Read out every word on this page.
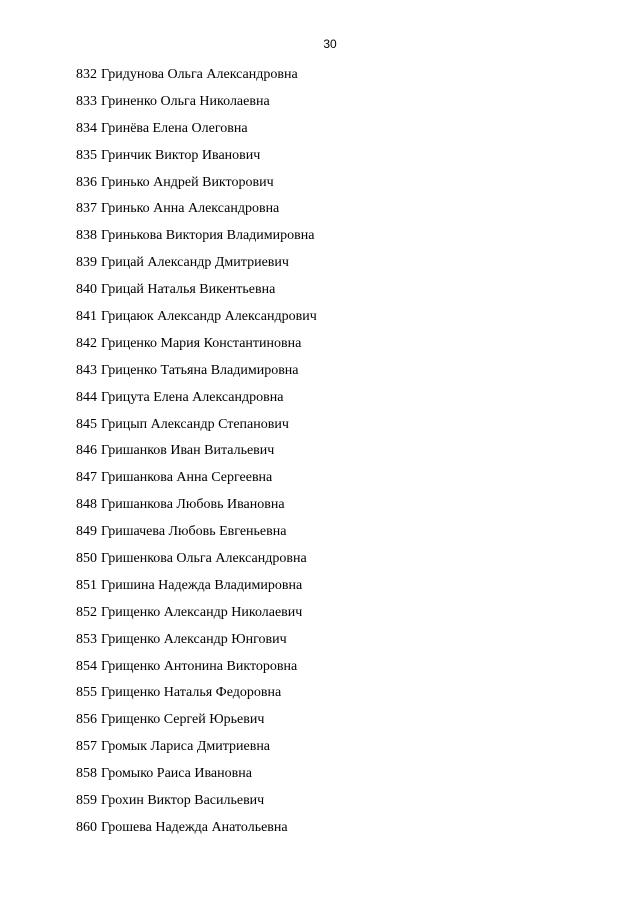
30
832 Гридунова Ольга Александровна
833 Гриненко Ольга Николаевна
834 Гринёва Елена Олеговна
835 Гринчик Виктор Иванович
836 Гринько Андрей Викторович
837 Гринько Анна Александровна
838 Гринькова Виктория Владимировна
839 Грицай Александр Дмитриевич
840 Грицай Наталья Викентьевна
841 Грицаюк Александр Александрович
842 Гриценко Мария Константиновна
843 Гриценко Татьяна Владимировна
844 Грицута Елена Александровна
845 Грицып Александр Степанович
846 Гришанков Иван Витальевич
847 Гришанкова Анна Сергеевна
848 Гришанкова Любовь Ивановна
849 Гришачева Любовь Евгеньевна
850 Гришенкова Ольга Александровна
851 Гришина Надежда Владимировна
852 Грищенко Александр Николаевич
853 Грищенко Александр Юнгович
854 Грищенко Антонина Викторовна
855 Грищенко Наталья Федоровна
856 Грищенко Сергей Юрьевич
857 Громык Лариса Дмитриевна
858 Громыко Раиса Ивановна
859 Грохин Виктор Васильевич
860 Грошева Надежда Анатольевна
